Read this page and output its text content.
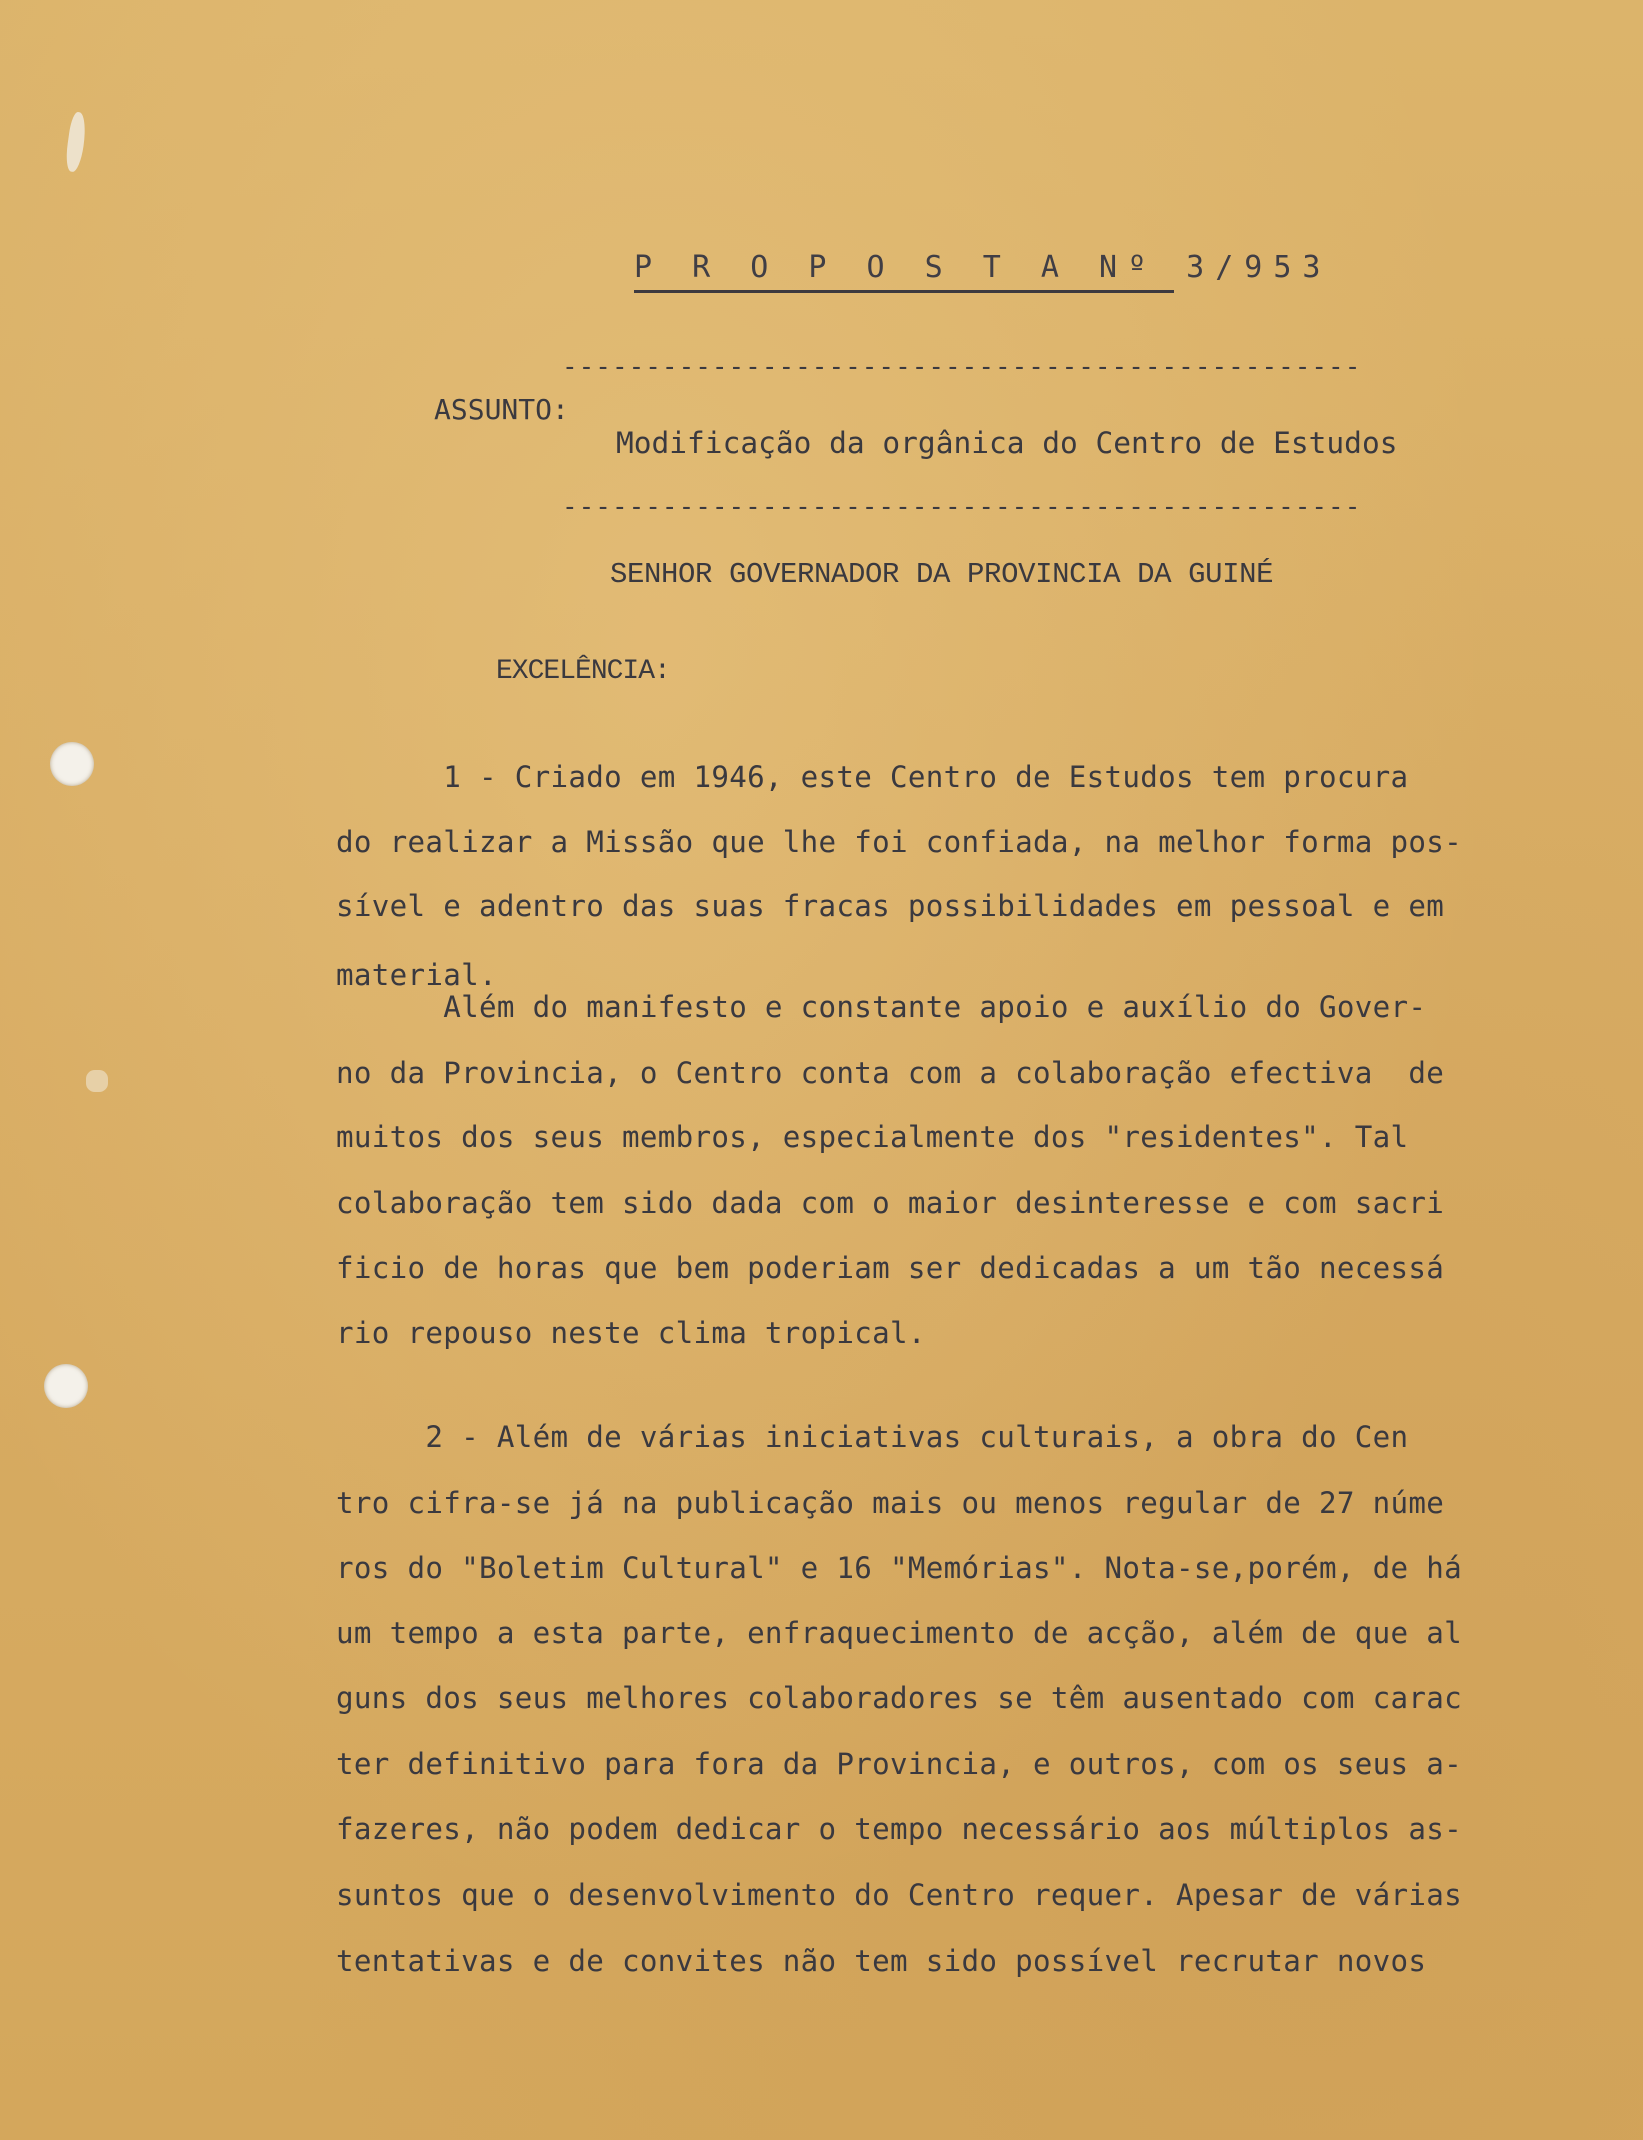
P R O P O S T A Nº 3/953
------------------------------------------------
ASSUNTO:
Modificação da orgânica do Centro de Estudos
------------------------------------------------
SENHOR GOVERNADOR DA PROVINCIA DA GUINÉ
EXCELÊNCIA:
1 - Criado em 1946, este Centro de Estudos tem procura
do realizar a Missão que lhe foi confiada, na melhor forma pos-
sível e adentro das suas fracas possibilidades em pessoal e em
material.
Além do manifesto e constante apoio e auxílio do Gover-
no da Provincia, o Centro conta com a colaboração efectiva  de
muitos dos seus membros, especialmente dos "residentes". Tal
colaboração tem sido dada com o maior desinteresse e com sacri
ficio de horas que bem poderiam ser dedicadas a um tão necessá
rio repouso neste clima tropical.
2 - Além de várias iniciativas culturais, a obra do Cen
tro cifra-se já na publicação mais ou menos regular de 27 núme
ros do "Boletim Cultural" e 16 "Memórias". Nota-se,porém, de há
um tempo a esta parte, enfraquecimento de acção, além de que al
guns dos seus melhores colaboradores se têm ausentado com carac
ter definitivo para fora da Provincia, e outros, com os seus a-
fazeres, não podem dedicar o tempo necessário aos múltiplos as-
suntos que o desenvolvimento do Centro requer. Apesar de várias
tentativas e de convites não tem sido possível recrutar novos
